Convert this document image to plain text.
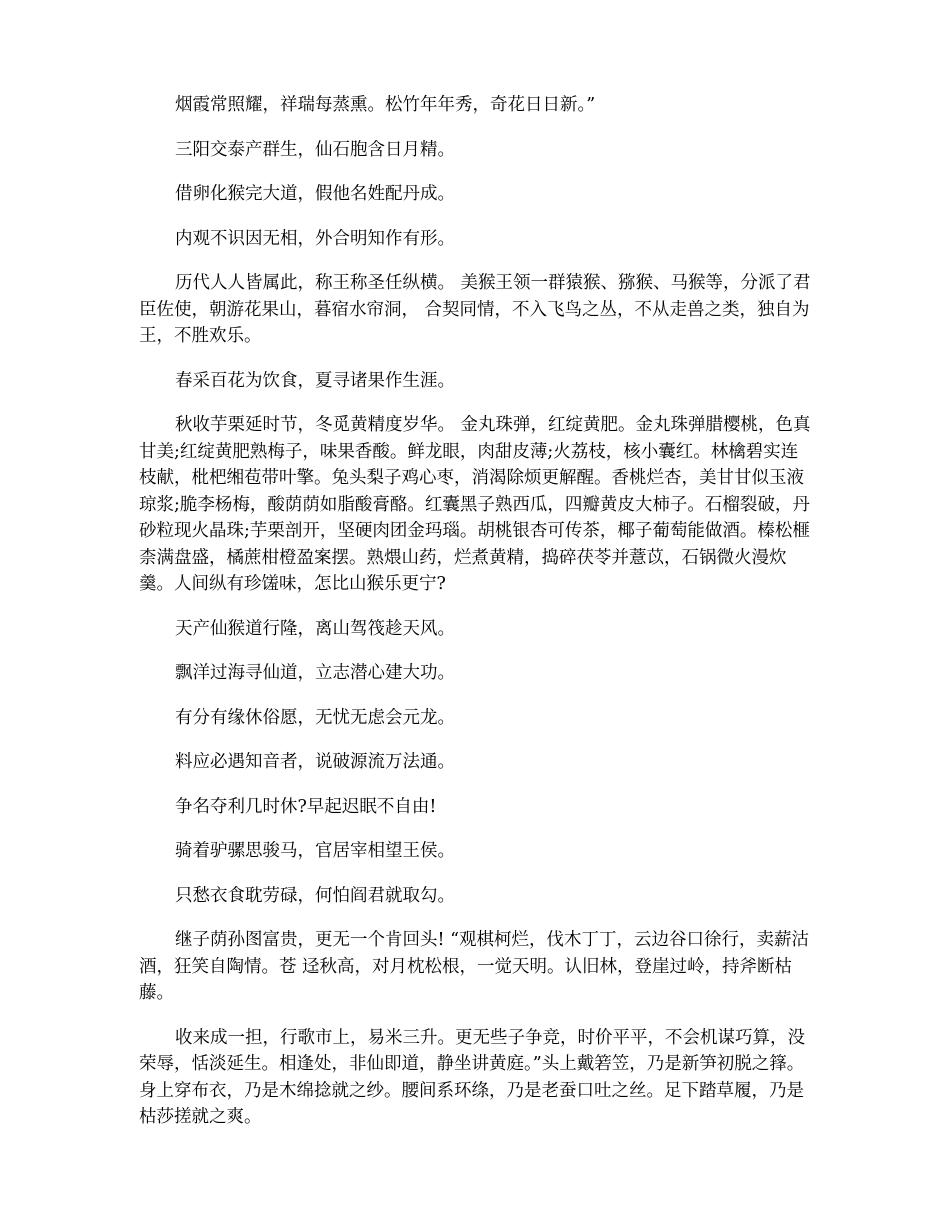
烟霞常照耀，祥瑞每蒸熏。松竹年年秀，奇花日日新。”

三阳交泰产群生，仙石胞含日月精。

借卵化猴完大道，假他名姓配丹成。

内观不识因无相，外合明知作有形。

历代人人皆属此，称王称圣任纵横。 美猴王领一群猿猴、猕猴、马猴等，分派了君臣佐使，朝游花果山，暮宿水帘洞， 合契同情，不入飞鸟之丛，不从走兽之类，独自为王，不胜欢乐。

春采百花为饮食，夏寻诸果作生涯。

秋收芋栗延时节，冬觅黄精度岁华。 金丸珠弹，红绽黄肥。金丸珠弹腊樱桃，色真甘美;红绽黄肥熟梅子，味果香酸。鲜龙眼，肉甜皮薄;火荔枝，核小囊红。林檎碧实连枝献，枇杷缃苞带叶擎。兔头梨子鸡心枣，消渴除烦更解醒。香桃烂杏，美甘甘似玉液琼浆;脆李杨梅，酸荫荫如脂酸膏酪。红囊黑子熟西瓜，四瓣黄皮大柿子。石榴裂破，丹砂粒现火晶珠;芋栗剖开，坚硬肉团金玛瑙。胡桃银杏可传茶，椰子葡萄能做酒。榛松榧柰满盘盛，橘蔗柑橙盈案摆。熟煨山药，烂煮黄精，捣碎茯苓并薏苡，石锅微火漫炊羹。人间纵有珍馐味，怎比山猴乐更宁?

天产仙猴道行隆，离山驾筏趁天风。

飘洋过海寻仙道，立志潜心建大功。

有分有缘休俗愿，无忧无虑会元龙。

料应必遇知音者，说破源流万法通。

争名夺利几时休?早起迟眠不自由!

骑着驴骡思骏马，官居宰相望王侯。

只愁衣食耽劳碌，何怕阎君就取勾。

继子荫孙图富贵，更无一个肯回头! “观棋柯烂，伐木丁丁，云边谷口徐行，卖薪沽酒，狂笑自陶情。苍 迳秋高，对月枕松根，一觉天明。认旧林，登崖过岭，持斧断枯藤。

收来成一担，行歌市上，易米三升。更无些子争竞，时价平平，不会机谋巧算，没荣辱，恬淡延生。相逢处，非仙即道，静坐讲黄庭。”头上戴箬笠，乃是新笋初脱之箨。身上穿布衣，乃是木绵捻就之纱。腰间系环绦，乃是老蚕口吐之丝。足下踏草履，乃是枯莎搓就之爽。
